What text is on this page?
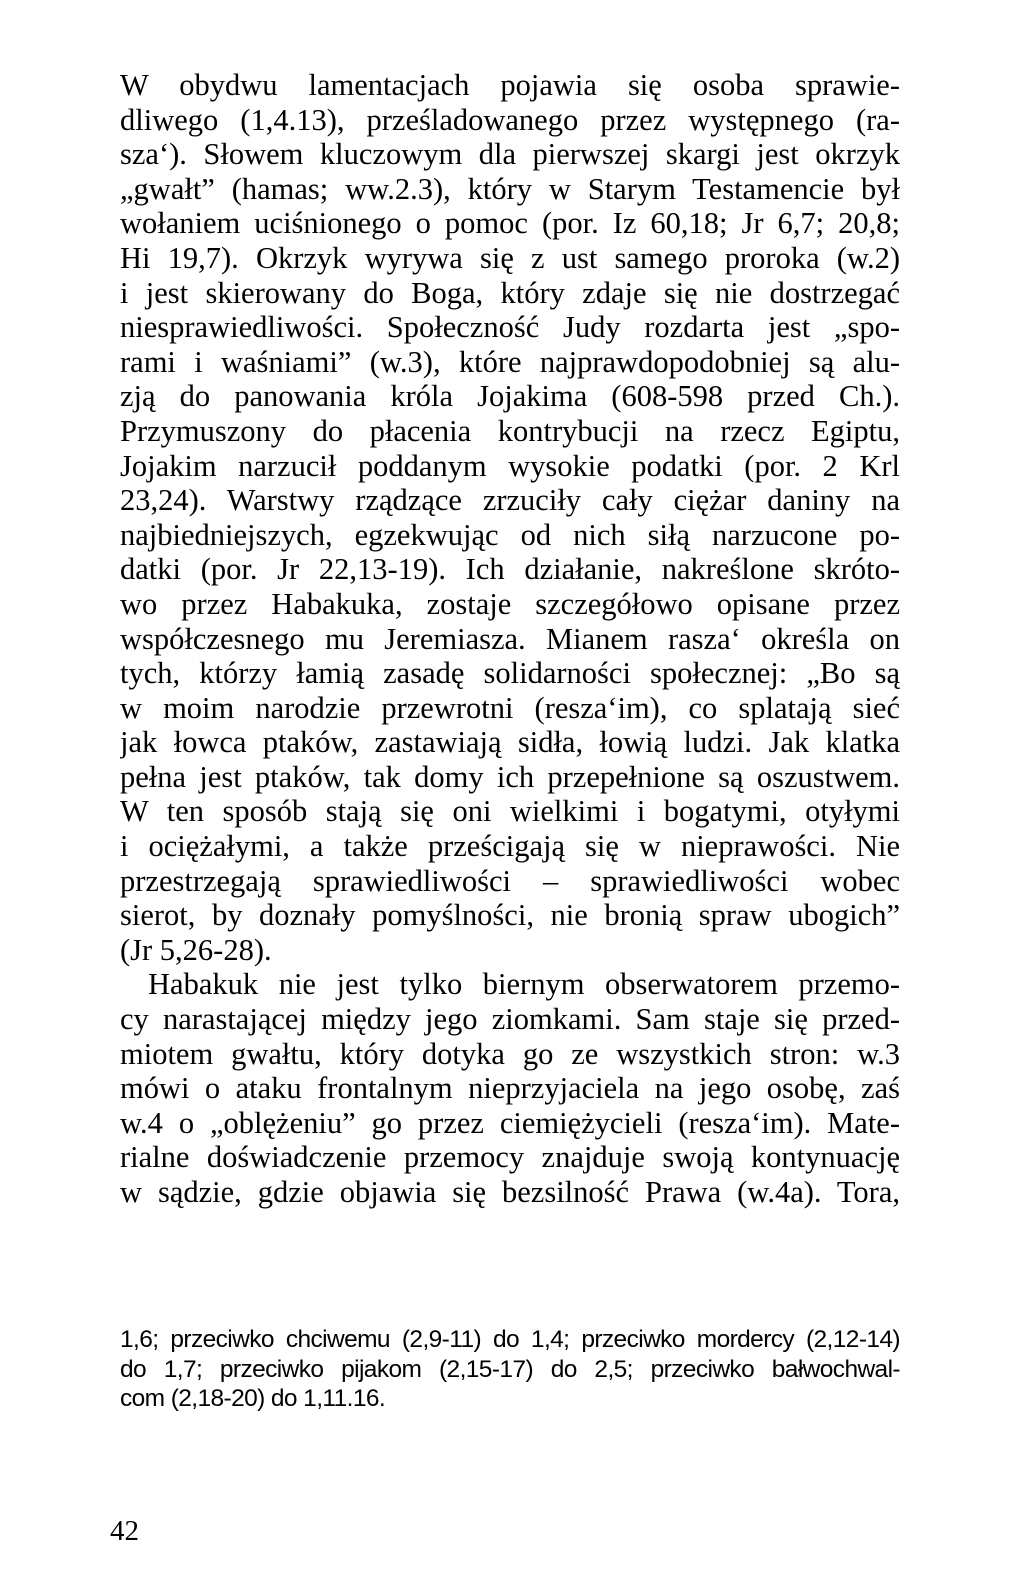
W obydwu lamentacjach pojawia się osoba sprawie-
dliwego (1,4.13), prześladowanego przez występnego (ra-
sza‘). Słowem kluczowym dla pierwszej skargi jest okrzyk
„gwałt” (hamas; ww.2.3), który w Starym Testamencie był
wołaniem uciśnionego o pomoc (por. Iz 60,18; Jr 6,7; 20,8;
Hi 19,7). Okrzyk wyrywa się z ust samego proroka (w.2)
i jest skierowany do Boga, który zdaje się nie dostrzegać
niesprawiedliwości. Społeczność Judy rozdarta jest „spo-
rami i waśniami” (w.3), które najprawdopodobniej są alu-
zją do panowania króla Jojakima (608-598 przed Ch.).
Przymuszony do płacenia kontrybucji na rzecz Egiptu,
Jojakim narzucił poddanym wysokie podatki (por. 2 Krl
23,24). Warstwy rządzące zrzuciły cały ciężar daniny na
najbiedniejszych, egzekwując od nich siłą narzucone po-
datki (por. Jr 22,13-19). Ich działanie, nakreślone skróto-
wo przez Habakuka, zostaje szczegółowo opisane przez
współczesnego mu Jeremiasza. Mianem rasza‘ określa on
tych, którzy łamią zasadę solidarności społecznej: „Bo są
w moim narodzie przewrotni (resza‘im), co splatają sieć
jak łowca ptaków, zastawiają sidła, łowią ludzi. Jak klatka
pełna jest ptaków, tak domy ich przepełnione są oszustwem.
W ten sposób stają się oni wielkimi i bogatymi, otyłymi
i ociężałymi, a także prześcigają się w nieprawości. Nie
przestrzegają sprawiedliwości – sprawiedliwości wobec
sierot, by doznały pomyślności, nie bronią spraw ubogich”
(Jr 5,26-28).
Habakuk nie jest tylko biernym obserwatorem przemo-
cy narastającej między jego ziomkami. Sam staje się przed-
miotem gwałtu, który dotyka go ze wszystkich stron: w.3
mówi o ataku frontalnym nieprzyjaciela na jego osobę, zaś
w.4 o „oblężeniu” go przez ciemiężycieli (resza‘im). Mate-
rialne doświadczenie przemocy znajduje swoją kontynuację
w sądzie, gdzie objawia się bezsilność Prawa (w.4a). Tora,
1,6; przeciwko chciwemu (2,9-11) do 1,4; przeciwko mordercy (2,12-14)
do 1,7; przeciwko pijakom (2,15-17) do 2,5; przeciwko bałwochwal-
com (2,18-20) do 1,11.16.
42
